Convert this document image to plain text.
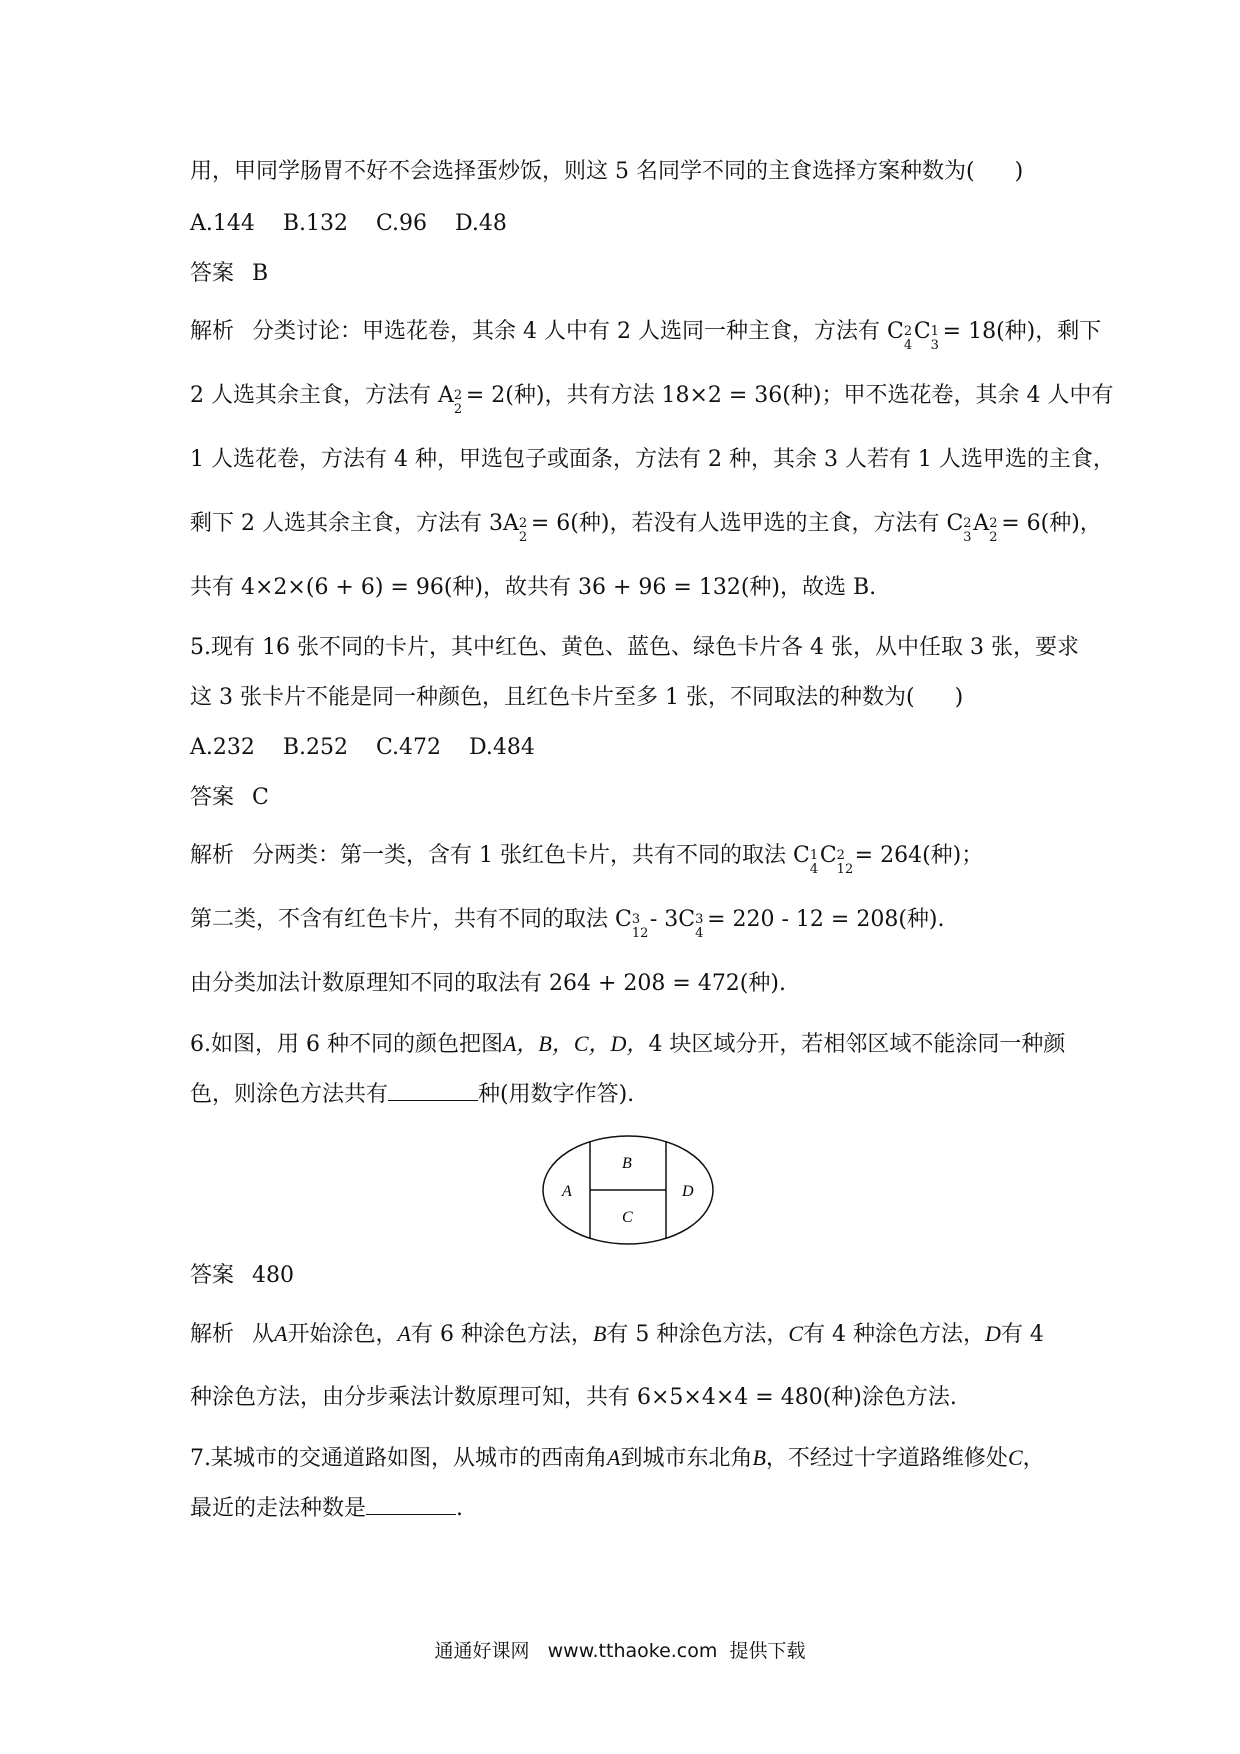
用，甲同学肠胃不好不会选择蛋炒饭，则这 5 名同学不同的主食选择方案种数为( )
A.144    B.132    C.96    D.48
答案 B
解析 分类讨论：甲选花卷，其余 4 人中有 2 人选同一种主食，方法有 C 2
4
C 1
3
= 18(种)，剩下
2 人选其余主食，方法有 A 2
2
= 2(种)，共有方法 18×2 = 36(种)；甲不选花卷，其余 4 人中有
1 人选花卷，方法有 4 种，甲选包子或面条，方法有 2 种，其余 3 人若有 1 人选甲选的主食，
剩下 2 人选其余主食，方法有 3A 2
2
= 6(种)，若没有人选甲选的主食，方法有 C 2
3
A 2
2
= 6(种)，
共有 4×2×(6 + 6) = 96(种)，故共有 36 + 96 = 132(种)，故选 B.
5.现有 16 张不同的卡片，其中红色、黄色、蓝色、绿色卡片各 4 张，从中任取 3 张，要求
这 3 张卡片不能是同一种颜色，且红色卡片至多 1 张，不同取法的种数为( )
A.232    B.252    C.472    D.484
答案 C
解析 分两类：第一类，含有 1 张红色卡片，共有不同的取法 C 1
4
C 2
12
= 264(种)；
第二类，不含有红色卡片，共有不同的取法 C 3
12
- 3C 3
4
= 220 - 12 = 208(种).
由分类加法计数原理知不同的取法有 264 + 208 = 472(种).
6.如图，用 6 种不同的颜色把图A，B，C，D，4 块区域分开，若相邻区域不能涂同一种颜
色，则涂色方法共有	种(用数字作答).
A
B
C
D
答案 480
解析 从A开始涂色，A有 6 种涂色方法，B有 5 种涂色方法，C有 4 种涂色方法，D有 4
种涂色方法，由分步乘法计数原理可知，共有 6×5×4×4 = 480(种)涂色方法.
7.某城市的交通道路如图，从城市的西南角A到城市东北角B，不经过十字道路维修处C，
最近的走法种数是	.
通通好课网   www.tthaoke.com  提供下载
